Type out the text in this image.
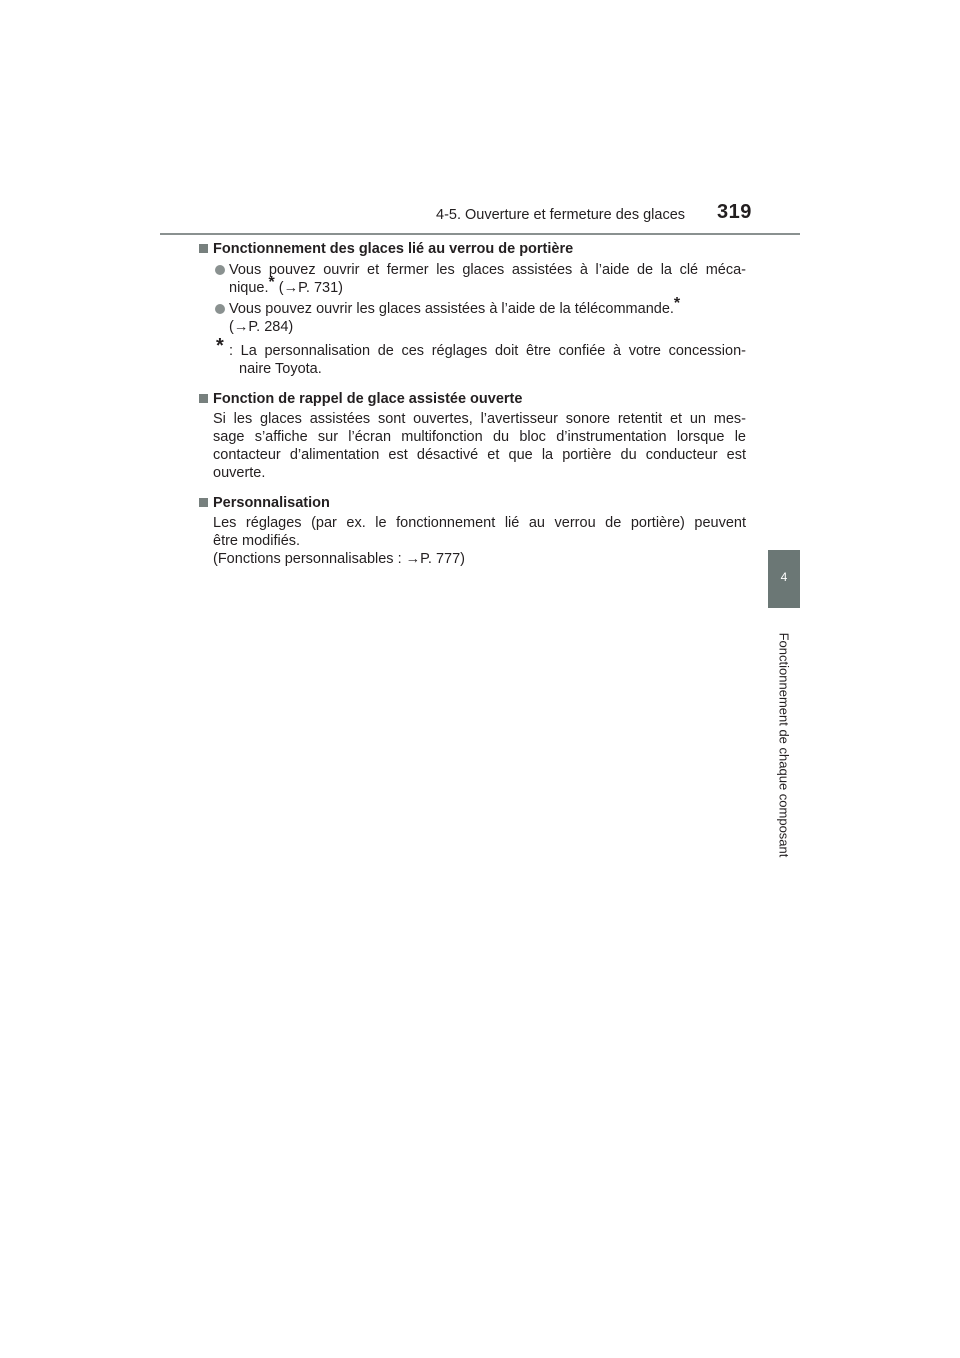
4-5. Ouverture et fermeture des glaces 319
4
Fonctionnement de chaque composant
Fonctionnement des glaces lié au verrou de portière
Vous pouvez ouvrir et fermer les glaces assistées à l’aide de la clé méca-
nique.* (→P. 731)
Vous pouvez ouvrir les glaces assistées à l’aide de la télécommande.*
(→P. 284)
* : La personnalisation de ces réglages doit être confiée à votre concession-
naire Toyota.
Fonction de rappel de glace assistée ouverte
Si les glaces assistées sont ouvertes, l’avertisseur sonore retentit et un mes-
sage s’affiche sur l’écran multifonction du bloc d’instrumentation lorsque le
contacteur d’alimentation est désactivé et que la portière du conducteur est
ouverte.
Personnalisation
Les réglages (par ex. le fonctionnement lié au verrou de portière) peuvent
être modifiés.
(Fonctions personnalisables : →P. 777)
